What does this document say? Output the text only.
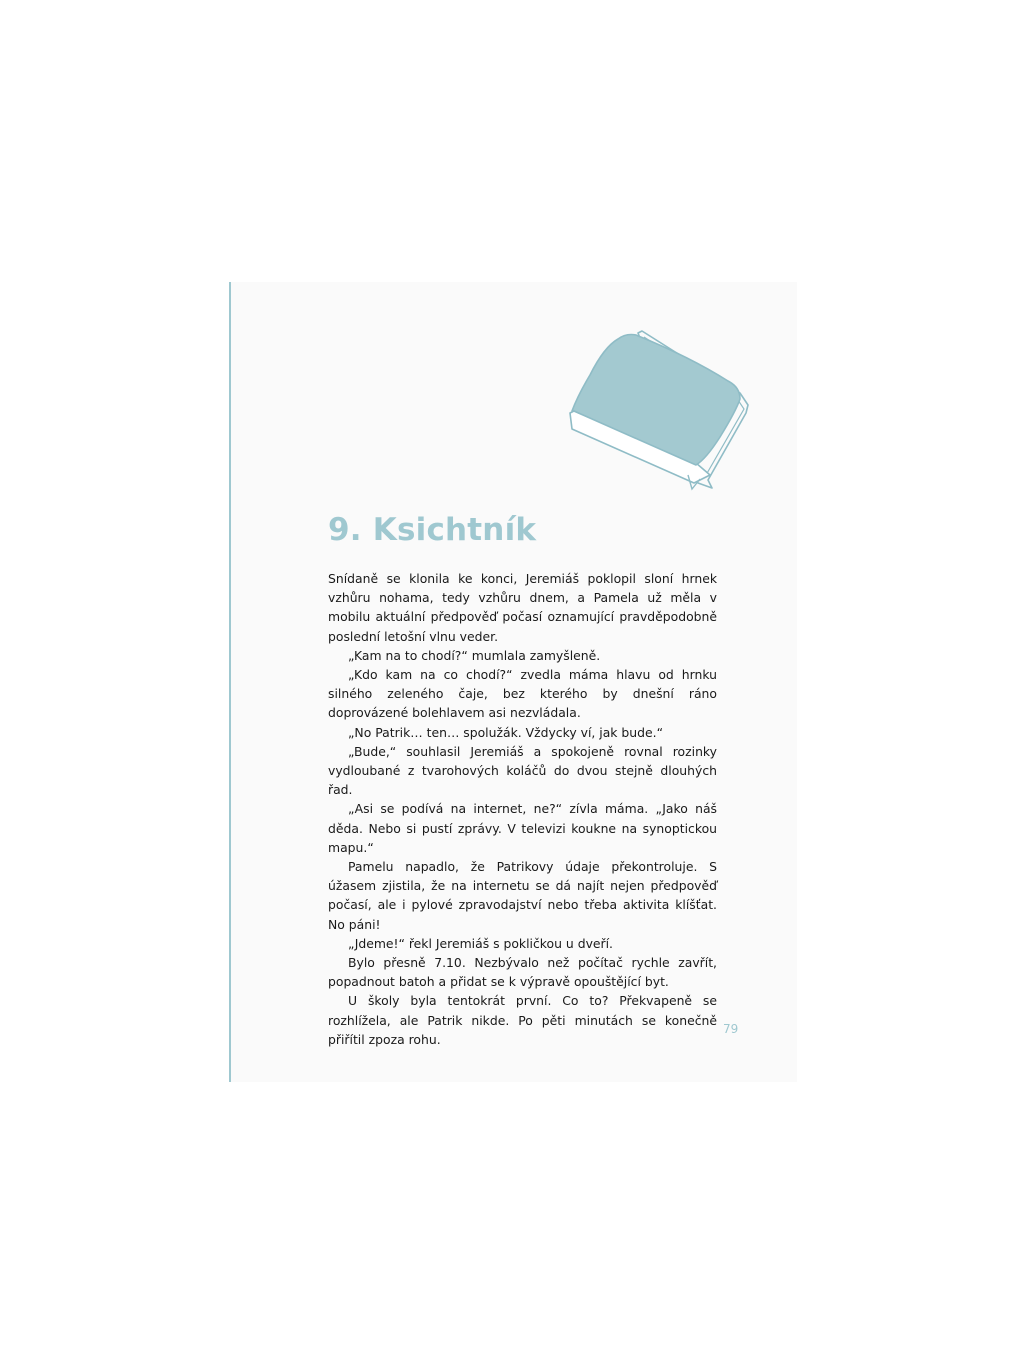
9. Ksichtník

Snídaně se klonila ke konci, Jeremiáš poklopil sloní hrnek vzhůru nohama, tedy vzhůru dnem, a Pamela už měla v mobilu aktuální předpověď počasí oznamující pravděpodobně poslední letošní vlnu veder.

„Kam na to chodí?“ mumlala zamyšleně.

„Kdo kam na co chodí?“ zvedla máma hlavu od hrnku silného zeleného čaje, bez kterého by dnešní ráno doprovázené bolehlavem asi nezvládala.

„No Patrik… ten… spolužák. Vždycky ví, jak bude.“

„Bude,“ souhlasil Jeremiáš a spokojeně rovnal rozinky vydloubané z tvarohových koláčů do dvou stejně dlouhých řad.

„Asi se podívá na internet, ne?“ zívla máma. „Jako náš děda. Nebo si pustí zprávy. V televizi koukne na synoptickou mapu.“

Pamelu napadlo, že Patrikovy údaje překontroluje. S úžasem zjistila, že na internetu se dá najít nejen předpověď počasí, ale i pylové zpravodajství nebo třeba aktivita klíšťat. No páni!

„Jdeme!“ řekl Jeremiáš s pokličkou u dveří.

Bylo přesně 7.10. Nezbývalo než počítač rychle zavřít, popadnout batoh a přidat se k výpravě opouštějící byt.

U školy byla tentokrát první. Co to? Překvapeně se rozhlížela, ale Patrik nikde. Po pěti minutách se konečně přiřítil zpoza rohu.

79
